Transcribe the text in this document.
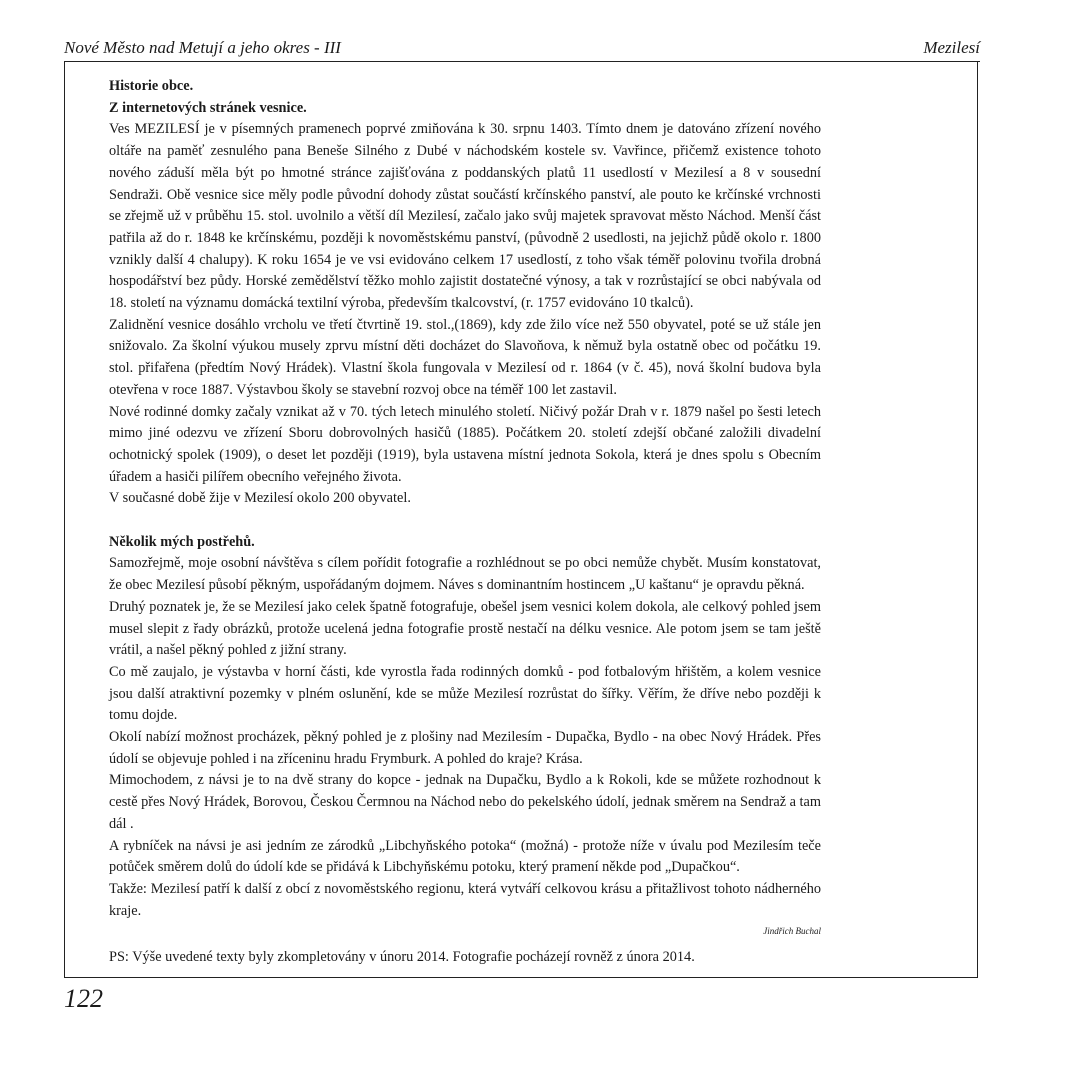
Nové Město nad Metují a jeho okres - III	Mezilesí

Historie obce.

Z internetových stránek vesnice.

Ves MEZILESÍ je v písemných pramenech poprvé zmiňována k 30. srpnu 1403. Tímto dnem je datováno zřízení nového oltáře na paměť zesnulého pana Beneše Silného z Dubé v náchodském kostele sv. Vavřince, přičemž existence tohoto nového záduší měla být po hmotné stránce zajišťována z poddanských platů 11 usedlostí v Mezilesí a 8 v sousední Sendraži. Obě vesnice sice měly podle původní dohody zůstat součástí krčínského panství, ale pouto ke krčínské vrchnosti se zřejmě už v průběhu 15. stol. uvolnilo a větší díl Mezilesí, začalo jako svůj majetek spravovat město Náchod. Menší část patřila až do r. 1848 ke krčínskému, později k novoměstskému panství, (původně 2 usedlosti, na jejichž půdě okolo r. 1800 vznikly další 4 chalupy). K roku 1654 je ve vsi evidováno celkem 17 usedlostí, z toho však téměř polovinu tvořila drobná hospodářství bez půdy. Horské zemědělství těžko mohlo zajistit dostatečné výnosy, a tak v rozrůstající se obci nabývala od 18. století na významu domácká textilní výroba, především tkalcovství, (r. 1757 evidováno 10 tkalců).

Zalidnění vesnice dosáhlo vrcholu ve třetí čtvrtině 19. stol.,(1869), kdy zde žilo více než 550 obyvatel, poté se už stále jen snižovalo. Za školní výukou musely zprvu místní děti docházet do Slavoňova, k němuž byla ostatně obec od počátku 19. stol. přifařena (předtím Nový Hrádek). Vlastní škola fungovala v Mezilesí od r. 1864 (v č. 45), nová školní budova byla otevřena v roce 1887. Výstavbou školy se stavební rozvoj obce na téměř 100 let zastavil.

Nové rodinné domky začaly vznikat až v 70. tých letech minulého století. Ničivý požár Drah v r. 1879 našel po šesti letech mimo jiné odezvu ve zřízení Sboru dobrovolných hasičů (1885). Počátkem 20. století zdejší občané založili divadelní ochotnický spolek (1909), o deset let později (1919), byla ustavena místní jednota Sokola, která je dnes spolu s Obecním úřadem a hasiči pilířem obecního veřejného života.

V současné době žije v Mezilesí okolo 200 obyvatel.

Několik mých postřehů.

Samozřejmě, moje osobní návštěva s cílem pořídit fotografie a rozhlédnout se po obci nemůže chybět. Musím konstatovat, že obec Mezilesí působí pěkným, uspořádaným dojmem. Náves s dominantním hostincem „U kaštanu“ je opravdu pěkná.

Druhý poznatek je, že se Mezilesí jako celek špatně fotografuje, obešel jsem vesnici kolem dokola, ale celkový pohled jsem musel slepit z řady obrázků, protože ucelená jedna fotografie prostě nestačí na délku vesnice. Ale potom jsem se tam ještě vrátil, a našel pěkný pohled z jižní strany.

Co mě zaujalo, je výstavba v horní části, kde vyrostla řada rodinných domků - pod fotbalovým hřištěm, a kolem vesnice jsou další atraktivní pozemky v plném oslunění, kde se může Mezilesí rozrůstat do šířky. Věřím, že dříve nebo později k tomu dojde.

Okolí nabízí možnost procházek, pěkný pohled je z plošiny nad Mezilesím - Dupačka, Bydlo - na obec Nový Hrádek. Přes údolí se objevuje pohled i na zříceninu hradu Frymburk. A pohled do kraje? Krása.

Mimochodem, z návsi je to na dvě strany do kopce - jednak na Dupačku, Bydlo a k Rokoli, kde se můžete rozhodnout k cestě přes Nový Hrádek, Borovou, Českou Čermnou na Náchod nebo do pekelského údolí, jednak směrem na Sendraž a tam dál .

A rybníček na návsi je asi jedním ze zárodků „Libchyňského potoka“ (možná) - protože níže v úvalu pod Mezilesím teče potůček směrem dolů do údolí kde se přidává k Libchyňskému potoku, který pramení někde pod „Dupačkou“.

Takže: Mezilesí patří k další z obcí z novoměstského regionu, která vytváří celkovou krásu a přitažlivost tohoto nádherného kraje.

Jindřich Buchal
PS: Výše uvedené texty byly zkompletovány v únoru 2014. Fotografie pocházejí rovněž z února 2014.
122
